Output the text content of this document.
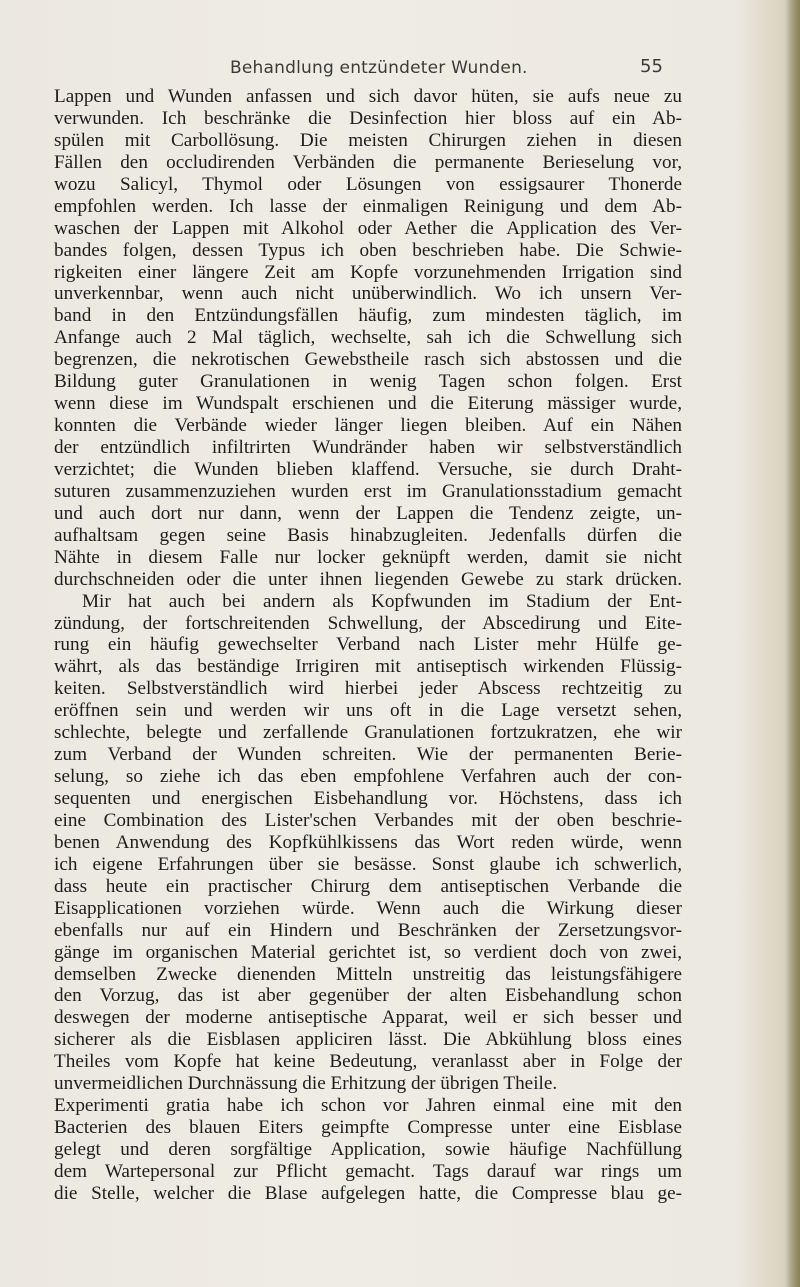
Behandlung entzündeter Wunden.	55
Lappen und Wunden anfassen und sich davor hüten, sie aufs neue zu
verwunden. Ich beschränke die Desinfection hier bloss auf ein Ab-
spülen mit Carbollösung. Die meisten Chirurgen ziehen in diesen
Fällen den occludirenden Verbänden die permanente Berieselung vor,
wozu Salicyl, Thymol oder Lösungen von essigsaurer Thonerde
empfohlen werden. Ich lasse der einmaligen Reinigung und dem Ab-
waschen der Lappen mit Alkohol oder Aether die Application des Ver-
bandes folgen, dessen Typus ich oben beschrieben habe. Die Schwie-
rigkeiten einer längere Zeit am Kopfe vorzunehmenden Irrigation sind
unverkennbar, wenn auch nicht unüberwindlich. Wo ich unsern Ver-
band in den Entzündungsfällen häufig, zum mindesten täglich, im
Anfange auch 2 Mal täglich, wechselte, sah ich die Schwellung sich
begrenzen, die nekrotischen Gewebstheile rasch sich abstossen und die
Bildung guter Granulationen in wenig Tagen schon folgen. Erst
wenn diese im Wundspalt erschienen und die Eiterung mässiger wurde,
konnten die Verbände wieder länger liegen bleiben. Auf ein Nähen
der entzündlich infiltrirten Wundränder haben wir selbstverständlich
verzichtet; die Wunden blieben klaffend. Versuche, sie durch Draht-
suturen zusammenzuziehen wurden erst im Granulationsstadium gemacht
und auch dort nur dann, wenn der Lappen die Tendenz zeigte, un-
aufhaltsam gegen seine Basis hinabzugleiten. Jedenfalls dürfen die
Nähte in diesem Falle nur locker geknüpft werden, damit sie nicht
durchschneiden oder die unter ihnen liegenden Gewebe zu stark drücken.
Mir hat auch bei andern als Kopfwunden im Stadium der Ent-
zündung, der fortschreitenden Schwellung, der Abscedirung und Eite-
rung ein häufig gewechselter Verband nach Lister mehr Hülfe ge-
währt, als das beständige Irrigiren mit antiseptisch wirkenden Flüssig-
keiten. Selbstverständlich wird hierbei jeder Abscess rechtzeitig zu
eröffnen sein und werden wir uns oft in die Lage versetzt sehen,
schlechte, belegte und zerfallende Granulationen fortzukratzen, ehe wir
zum Verband der Wunden schreiten. Wie der permanenten Berie-
selung, so ziehe ich das eben empfohlene Verfahren auch der con-
sequenten und energischen Eisbehandlung vor. Höchstens, dass ich
eine Combination des Lister'schen Verbandes mit der oben beschrie-
benen Anwendung des Kopfkühlkissens das Wort reden würde, wenn
ich eigene Erfahrungen über sie besässe. Sonst glaube ich schwerlich,
dass heute ein practischer Chirurg dem antiseptischen Verbande die
Eisapplicationen vorziehen würde. Wenn auch die Wirkung dieser
ebenfalls nur auf ein Hindern und Beschränken der Zersetzungsvor-
gänge im organischen Material gerichtet ist, so verdient doch von zwei,
demselben Zwecke dienenden Mitteln unstreitig das leistungsfähigere
den Vorzug, das ist aber gegenüber der alten Eisbehandlung schon
deswegen der moderne antiseptische Apparat, weil er sich besser und
sicherer als die Eisblasen appliciren lässt. Die Abkühlung bloss eines
Theiles vom Kopfe hat keine Bedeutung, veranlasst aber in Folge der
unvermeidlichen Durchnässung die Erhitzung der übrigen Theile.
Experimenti gratia habe ich schon vor Jahren einmal eine mit den
Bacterien des blauen Eiters geimpfte Compresse unter eine Eisblase
gelegt und deren sorgfältige Application, sowie häufige Nachfüllung
dem Wartepersonal zur Pflicht gemacht. Tags darauf war rings um
die Stelle, welcher die Blase aufgelegen hatte, die Compresse blau ge-
